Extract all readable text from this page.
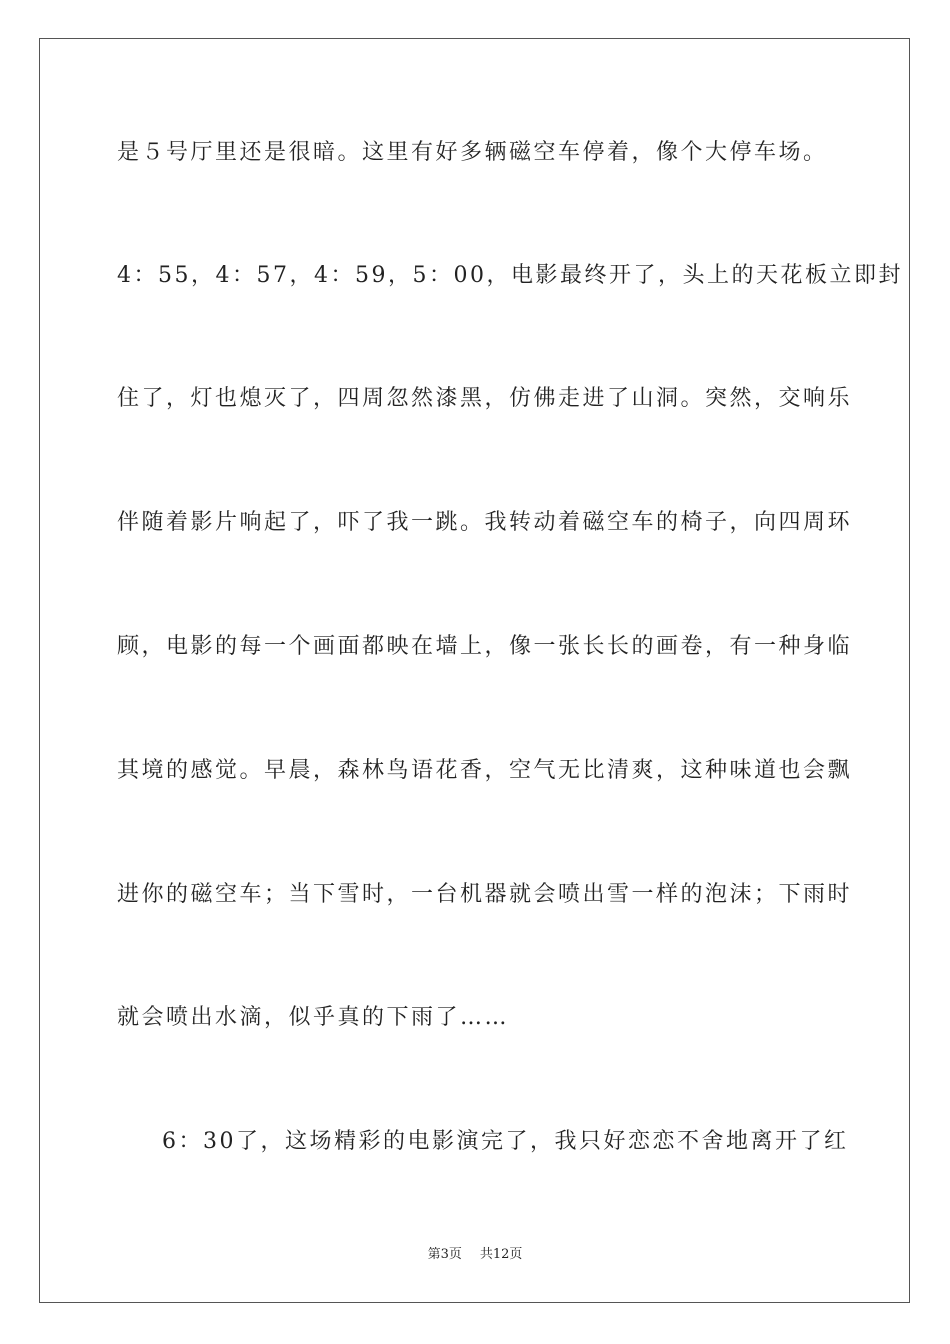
是５号厅里还是很暗。这里有好多辆磁空车停着，像个大停车场。
4：55，4：57，4：59，5：00，电影最终开了，头上的天花板立即封
住了，灯也熄灭了，四周忽然漆黑，仿佛走进了山洞。突然，交响乐
伴随着影片响起了，吓了我一跳。我转动着磁空车的椅子，向四周环
顾，电影的每一个画面都映在墙上，像一张长长的画卷，有一种身临
其境的感觉。早晨，森林鸟语花香，空气无比清爽，这种味道也会飘
进你的磁空车；当下雪时，一台机器就会喷出雪一样的泡沫；下雨时
就会喷出水滴，似乎真的下雨了……
6：30了，这场精彩的电影演完了，我只好恋恋不舍地离开了红
第3页 共12页
